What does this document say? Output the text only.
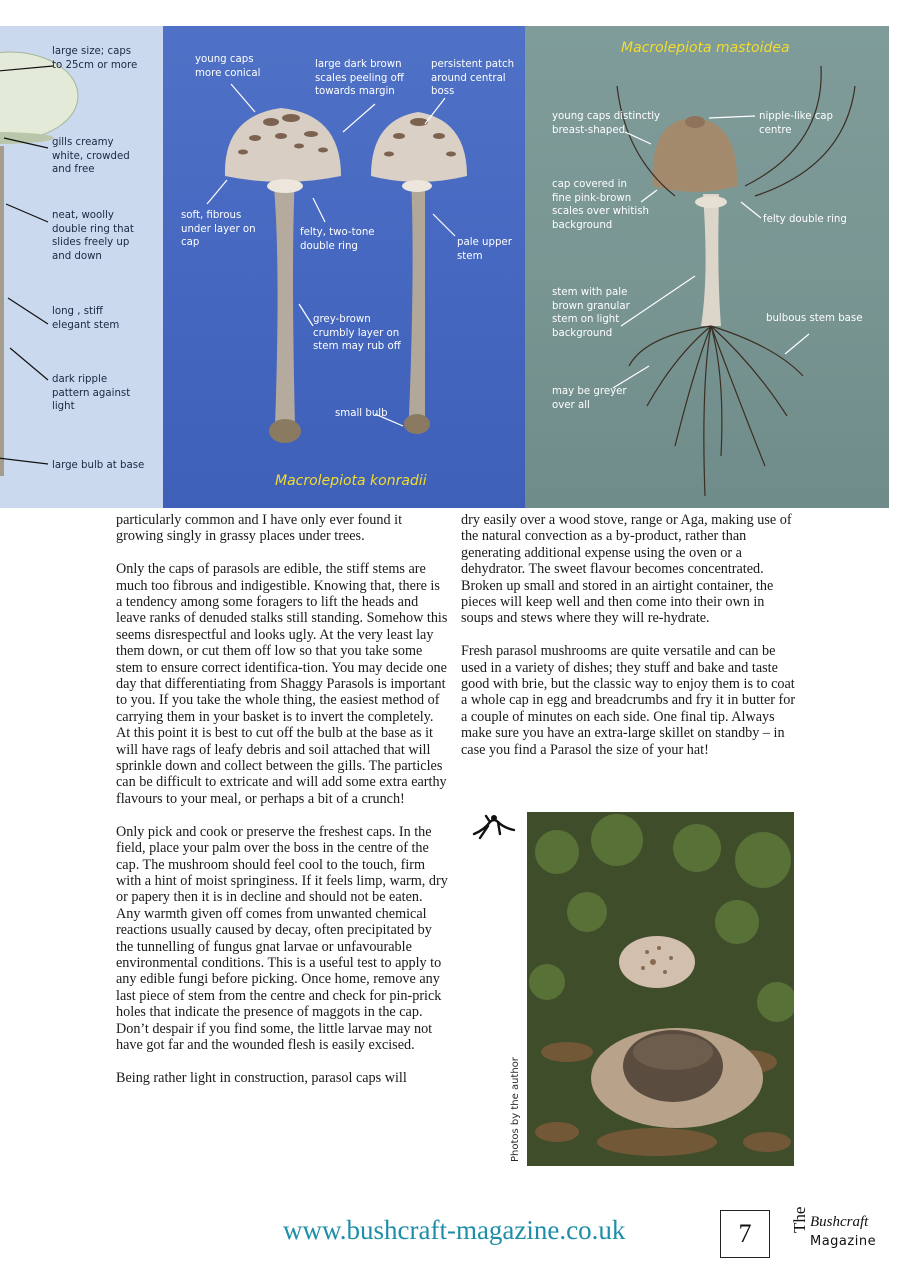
large size; caps
to 25cm or more
gills creamy
white, crowded
and free
neat, woolly
double ring that
slides freely up
and down
long , stiff
elegant stem
dark ripple
pattern against
light
large bulb at base
young caps
more conical
large dark brown
scales peeling off
towards margin
persistent patch
around central
boss
soft, fibrous
under layer on
cap
felty, two-tone
double ring	pale upper
stem
grey-brown
crumbly layer on
stem may rub off
small bulb
Macrolepiota konradii
Macrolepiota mastoidea
young caps distinctly
breast-shaped
nipple-like cap
centre
cap covered in
fine pink-brown
scales over whitish
background
felty double ring
stem with pale
brown granular
stem on light
background
bulbous stem base
may be greyer
over all

particularly common and I have only ever found it growing singly in grassy places under trees.

Only the caps of parasols are edible, the stiff stems are much too fibrous and indigestible. Knowing that, there is a tendency among some foragers to lift the heads and leave ranks of denuded stalks still standing. Somehow this seems disrespectful and looks ugly. At the very least lay them down, or cut them off low so that you take some stem to ensure correct identifica-tion. You may decide one day that differentiating from Shaggy Parasols is important to you. If you take the whole thing, the easiest method of carrying them in your basket is to invert the completely. At this point it is best to cut off the bulb at the base as it will have rags of leafy debris and soil attached that will sprinkle down and collect between the gills. The particles can be difficult to extricate and will add some extra earthy flavours to your meal, or perhaps a bit of a crunch!

Only pick and cook or preserve the freshest caps. In the field, place your palm over the boss in the centre of the cap. The mushroom should feel cool to the touch, firm with a hint of moist springiness. If it feels limp, warm, dry or papery then it is in decline and should not be eaten. Any warmth given off comes from unwanted chemical reactions usually caused by decay, often precipitated by the tunnelling of fungus gnat larvae or unfavourable environmental conditions. This is a useful test to apply to any edible fungi before picking. Once home, remove any last piece of stem from the centre and check for pin-prick holes that indicate the presence of maggots in the cap. Don’t despair if you find some, the little larvae may not have got far and the wounded flesh is easily excised.

Being rather light in construction, parasol caps will

dry easily over a wood stove, range or Aga, making use of the natural convection as a by-product, rather than generating additional expense using the oven or a dehydrator. The sweet flavour becomes concentrated. Broken up small and stored in an airtight container, the pieces will keep well and then come into their own in soups and stews where they will re-hydrate.

Fresh parasol mushrooms are quite versatile and can be used in a variety of dishes; they stuff and bake and taste good with brie, but the classic way to enjoy them is to coat a whole cap in egg and breadcrumbs and fry it in butter for a couple of minutes on each side. One final tip. Always make sure you have an extra-large skillet on standby – in case you find a Parasol the size of your hat!

Photos by the author
www.bushcraft-magazine.co.uk	7	The Bushcraft
Magazine
